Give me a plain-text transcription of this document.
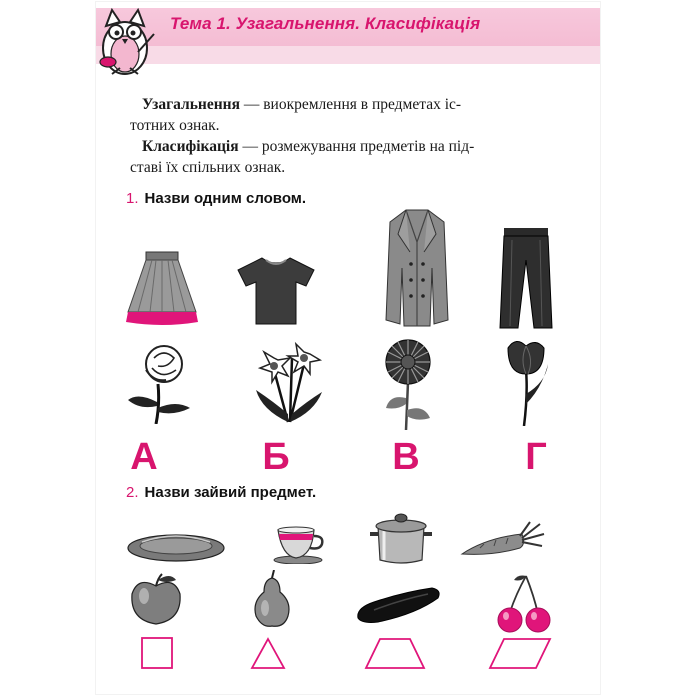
Тема 1. Узагальнення. Класифікація
Узагальнення — виокремлення в предметах іс-
тотних ознак.
Класифікація — розмежування предметів на під-
ставі їх спільних ознак.
1. Назви одним словом.
А	Б	В	Г
2. Назви зайвий предмет.
